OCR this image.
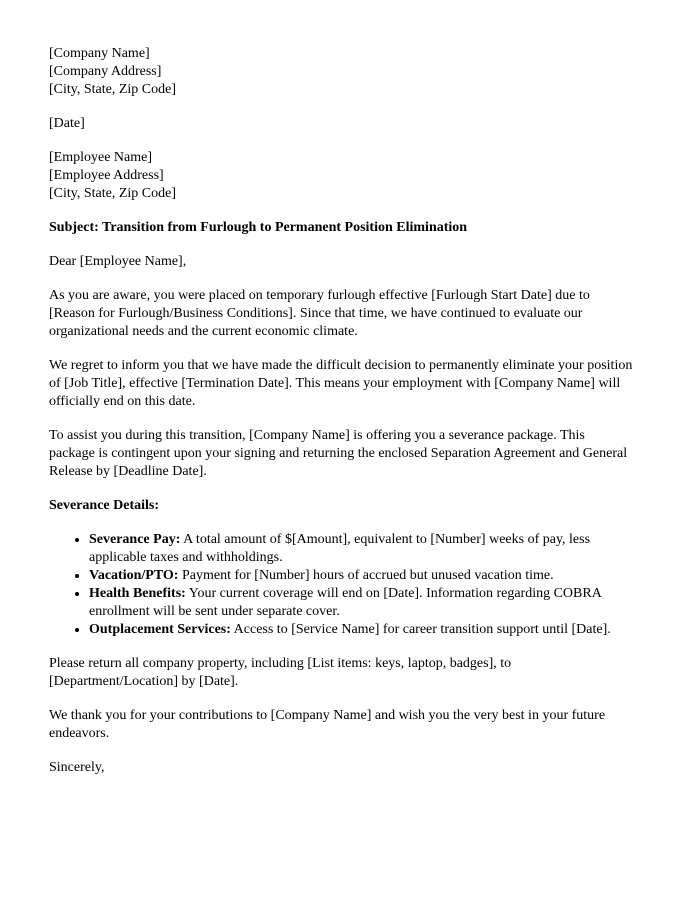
[Company Name]
[Company Address]
[City, State, Zip Code]

[Date]

[Employee Name]
[Employee Address]
[City, State, Zip Code]

Subject: Transition from Furlough to Permanent Position Elimination

Dear [Employee Name],

As you are aware, you were placed on temporary furlough effective [Furlough Start Date] due to [Reason for Furlough/Business Conditions]. Since that time, we have continued to evaluate our organizational needs and the current economic climate.

We regret to inform you that we have made the difficult decision to permanently eliminate your position of [Job Title], effective [Termination Date]. This means your employment with [Company Name] will officially end on this date.

To assist you during this transition, [Company Name] is offering you a severance package. This package is contingent upon your signing and returning the enclosed Separation Agreement and General Release by [Deadline Date].

Severance Details:

• Severance Pay: A total amount of $[Amount], equivalent to [Number] weeks of pay, less applicable taxes and withholdings.
• Vacation/PTO: Payment for [Number] hours of accrued but unused vacation time.
• Health Benefits: Your current coverage will end on [Date]. Information regarding COBRA enrollment will be sent under separate cover.
• Outplacement Services: Access to [Service Name] for career transition support until [Date].

Please return all company property, including [List items: keys, laptop, badges], to [Department/Location] by [Date].

We thank you for your contributions to [Company Name] and wish you the very best in your future endeavors.

Sincerely,
